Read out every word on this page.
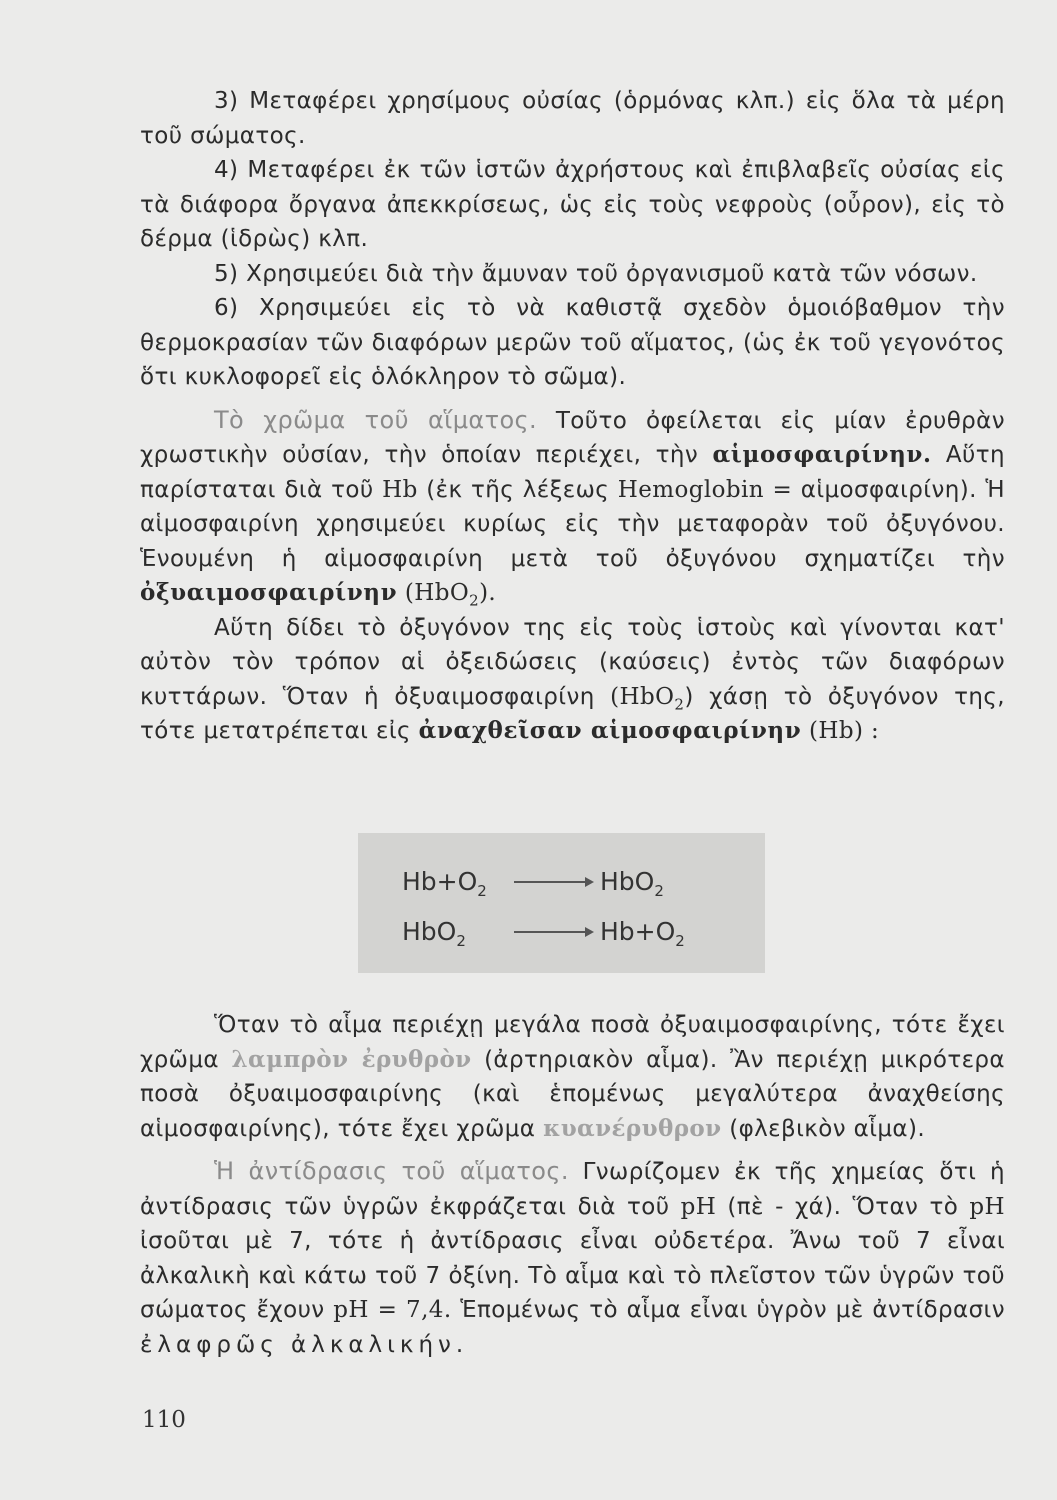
3) Μεταφέρει χρησίμους οὐσίας (ὁρμόνας κλπ.) εἰς ὅλα τὰ μέρη τοῦ σώματος.

4) Μεταφέρει ἐκ τῶν ἱστῶν ἀχρήστους καὶ ἐπιβλαβεῖς οὐσίας εἰς τὰ διάφορα ὄργανα ἀπεκκρίσεως, ὡς εἰς τοὺς νεφροὺς (οὖρον), εἰς τὸ δέρμα (ἱδρὼς) κλπ.

5) Χρησιμεύει διὰ τὴν ἄμυναν τοῦ ὀργανισμοῦ κατὰ τῶν νόσων.

6) Χρησιμεύει εἰς τὸ νὰ καθιστᾷ σχεδὸν ὁμοιόβαθμον τὴν θερμοκρασίαν τῶν διαφόρων μερῶν τοῦ αἵματος, (ὡς ἐκ τοῦ γεγονότος ὅτι κυκλοφορεῖ εἰς ὁλόκληρον τὸ σῶμα).

Τὸ χρῶμα τοῦ αἵματος. Τοῦτο ὀφείλεται εἰς μίαν ἐρυθρὰν χρωστικὴν οὐσίαν, τὴν ὁποίαν περιέχει, τὴν αἱμοσφαιρίνην. Αὕτη παρίσταται διὰ τοῦ Hb (ἐκ τῆς λέξεως Hemoglobin = αἱμοσφαιρίνη). Ἡ αἱμοσφαιρίνη χρησιμεύει κυρίως εἰς τὴν μεταφορὰν τοῦ ὀξυγόνου. Ἑνουμένη ἡ αἱμοσφαιρίνη μετὰ τοῦ ὀξυγόνου σχηματίζει τὴν ὀξυαιμοσφαιρίνην (HbO$_2$).

Αὕτη δίδει τὸ ὀξυγόνον της εἰς τοὺς ἱστοὺς καὶ γίνονται κατ' αὐτὸν τὸν τρόπον αἱ ὀξειδώσεις (καύσεις) ἐντὸς τῶν διαφόρων κυττάρων. Ὅταν ἡ ὀξυαιμοσφαιρίνη (HbO$_2$) χάσῃ τὸ ὀξυγόνον της, τότε μετατρέπεται εἰς ἀναχθεῖσαν αἱμοσφαιρίνην (Hb) :

$Hb+O_2$	HbO$_2$
HbO$_2$	$Hb+O_2$

Ὅταν τὸ αἷμα περιέχῃ μεγάλα ποσὰ ὀξυαιμοσφαιρίνης, τότε ἔχει χρῶμα λαμπρὸν ἐρυθρὸν (ἀρτηριακὸν αἷμα). Ἂν περιέχῃ μικρότερα ποσὰ ὀξυαιμοσφαιρίνης (καὶ ἑπομένως μεγαλύτερα ἀναχθείσης αἱμοσφαιρίνης), τότε ἔχει χρῶμα κυανέρυθρον (φλεβικὸν αἷμα).

Ἡ ἀντίδρασις τοῦ αἵματος. Γνωρίζομεν ἐκ τῆς χημείας ὅτι ἡ ἀντίδρασις τῶν ὑγρῶν ἐκφράζεται διὰ τοῦ pH (πὲ - χά). Ὅταν τὸ pH ἰσοῦται μὲ 7, τότε ἡ ἀντίδρασις εἶναι οὐδετέρα. Ἄνω τοῦ 7 εἶναι ἀλκαλικὴ καὶ κάτω τοῦ 7 ὀξίνη. Τὸ αἷμα καὶ τὸ πλεῖστον τῶν ὑγρῶν τοῦ σώματος ἔχουν pH = 7,4. Ἑπομένως τὸ αἷμα εἶναι ὑγρὸν μὲ ἀντίδρασιν ἐλαφρῶς ἀλκαλικήν.

110
